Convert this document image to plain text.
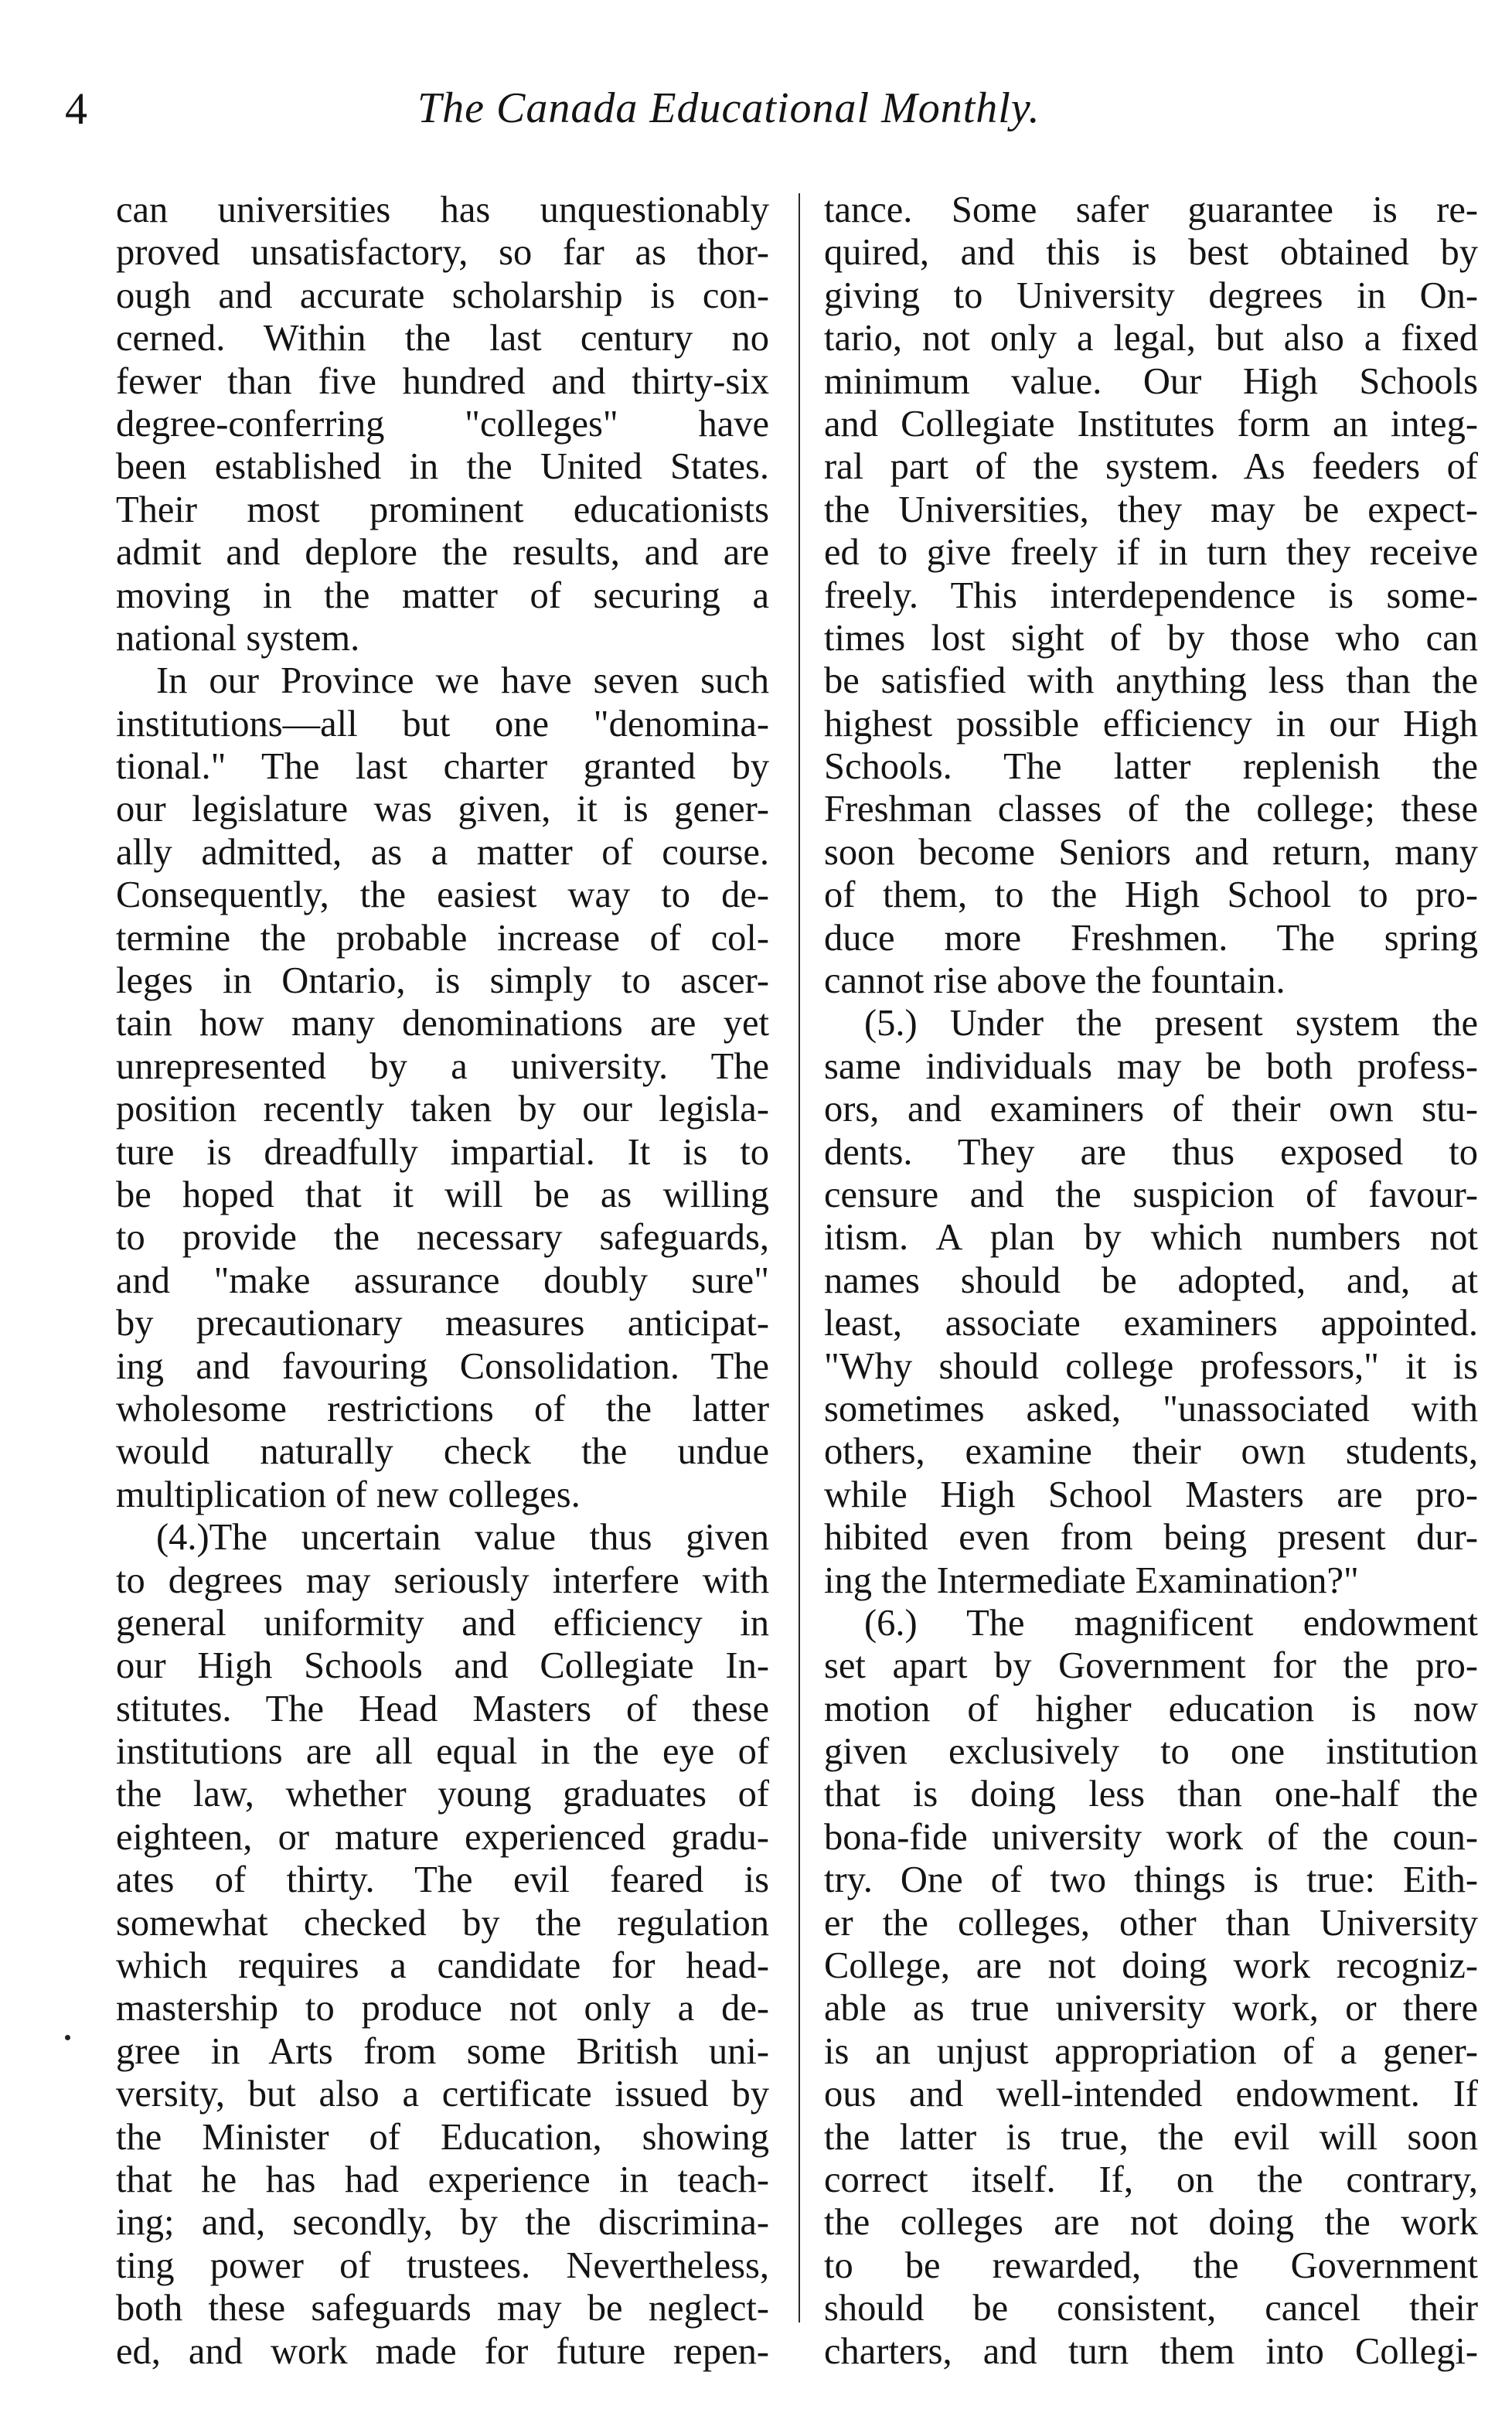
4	The Canada Educational Monthly.
can universities has unquestionably
proved unsatisfactory, so far as thor-
ough and accurate scholarship is con-
cerned. Within the last century no
fewer than five hundred and thirty-six
degree-conferring "colleges" have
been established in the United States.
Their most prominent educationists
admit and deplore the results, and are
moving in the matter of securing a
national system.
In our Province we have seven such
institutions—all but one "denomina-
tional." The last charter granted by
our legislature was given, it is gener-
ally admitted, as a matter of course.
Consequently, the easiest way to de-
termine the probable increase of col-
leges in Ontario, is simply to ascer-
tain how many denominations are yet
unrepresented by a university. The
position recently taken by our legisla-
ture is dreadfully impartial. It is to
be hoped that it will be as willing
to provide the necessary safeguards,
and "make assurance doubly sure"
by precautionary measures anticipat-
ing and favouring Consolidation. The
wholesome restrictions of the latter
would naturally check the undue
multiplication of new colleges.
(4.)The uncertain value thus given
to degrees may seriously interfere with
general uniformity and efficiency in
our High Schools and Collegiate In-
stitutes. The Head Masters of these
institutions are all equal in the eye of
the law, whether young graduates of
eighteen, or mature experienced gradu-
ates of thirty. The evil feared is
somewhat checked by the regulation
which requires a candidate for head-
mastership to produce not only a de-
gree in Arts from some British uni-
versity, but also a certificate issued by
the Minister of Education, showing
that he has had experience in teach-
ing; and, secondly, by the discrimina-
ting power of trustees. Nevertheless,
both these safeguards may be neglect-
ed, and work made for future repen-
tance. Some safer guarantee is re-
quired, and this is best obtained by
giving to University degrees in On-
tario, not only a legal, but also a fixed
minimum value. Our High Schools
and Collegiate Institutes form an integ-
ral part of the system. As feeders of
the Universities, they may be expect-
ed to give freely if in turn they receive
freely. This interdependence is some-
times lost sight of by those who can
be satisfied with anything less than the
highest possible efficiency in our High
Schools. The latter replenish the
Freshman classes of the college; these
soon become Seniors and return, many
of them, to the High School to pro-
duce more Freshmen. The spring
cannot rise above the fountain.
(5.) Under the present system the
same individuals may be both profess-
ors, and examiners of their own stu-
dents. They are thus exposed to
censure and the suspicion of favour-
itism. A plan by which numbers not
names should be adopted, and, at
least, associate examiners appointed.
"Why should college professors," it is
sometimes asked, "unassociated with
others, examine their own students,
while High School Masters are pro-
hibited even from being present dur-
ing the Intermediate Examination?"
(6.) The magnificent endowment
set apart by Government for the pro-
motion of higher education is now
given exclusively to one institution
that is doing less than one-half the
bona-fide university work of the coun-
try. One of two things is true: Eith-
er the colleges, other than University
College, are not doing work recogniz-
able as true university work, or there
is an unjust appropriation of a gener-
ous and well-intended endowment. If
the latter is true, the evil will soon
correct itself. If, on the contrary,
the colleges are not doing the work
to be rewarded, the Government
should be consistent, cancel their
charters, and turn them into Collegi-
